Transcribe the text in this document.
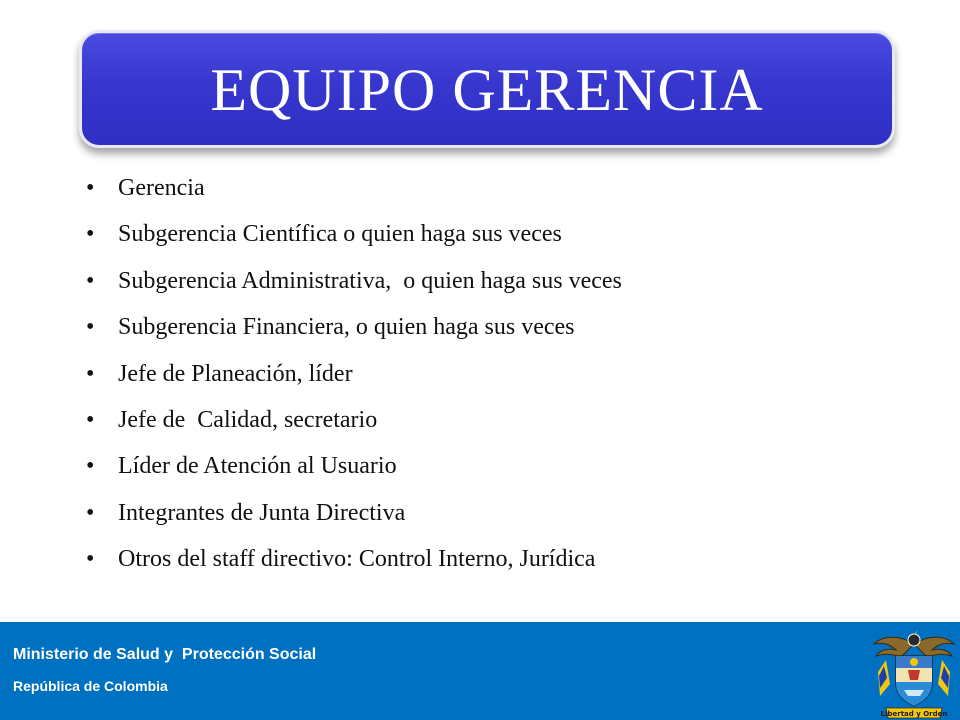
EQUIPO GERENCIA
• Gerencia
• Subgerencia Científica o quien haga sus veces
• Subgerencia Administrativa,  o quien haga sus veces
• Subgerencia Financiera, o quien haga sus veces
• Jefe de Planeación, líder
• Jefe de  Calidad, secretario
• Líder de Atención al Usuario
• Integrantes de Junta Directiva
• Otros del staff directivo: Control Interno, Jurídica
Ministerio de Salud y  Protección Social
República de Colombia
Libertad y Orden
